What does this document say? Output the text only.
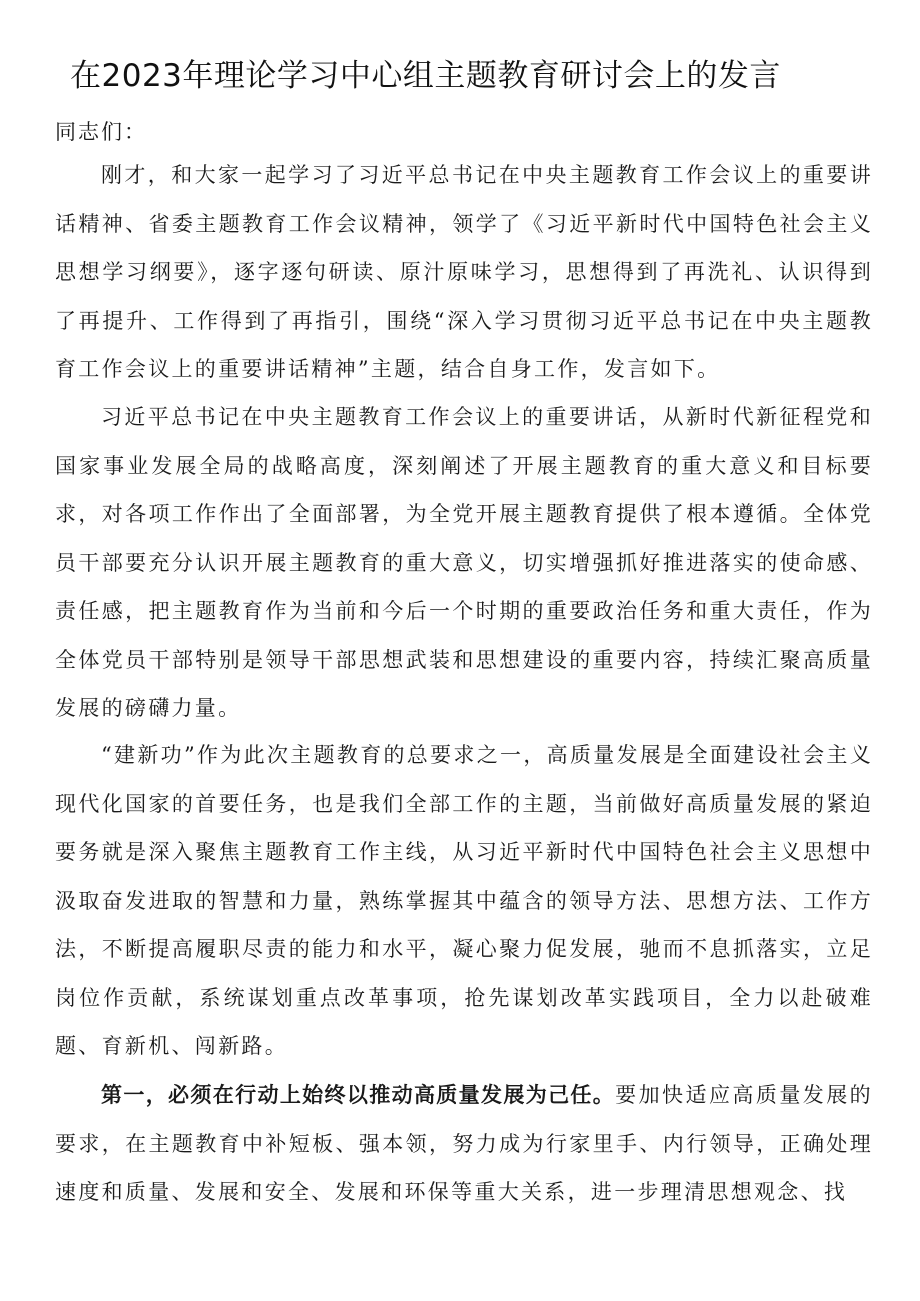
在2023年理论学习中心组主题教育研讨会上的发言

同志们：

刚才，和大家一起学习了习近平总书记在中央主题教育工作会议上的重要讲话精神、省委主题教育工作会议精神，领学了《习近平新时代中国特色社会主义思想学习纲要》，逐字逐句研读、原汁原味学习，思想得到了再洗礼、认识得到了再提升、工作得到了再指引，围绕“深入学习贯彻习近平总书记在中央主题教育工作会议上的重要讲话精神”主题，结合自身工作，发言如下。

习近平总书记在中央主题教育工作会议上的重要讲话，从新时代新征程党和国家事业发展全局的战略高度，深刻阐述了开展主题教育的重大意义和目标要求，对各项工作作出了全面部署，为全党开展主题教育提供了根本遵循。全体党员干部要充分认识开展主题教育的重大意义，切实增强抓好推进落实的使命感、责任感，把主题教育作为当前和今后一个时期的重要政治任务和重大责任，作为全体党员干部特别是领导干部思想武装和思想建设的重要内容，持续汇聚高质量发展的磅礴力量。

“建新功”作为此次主题教育的总要求之一，高质量发展是全面建设社会主义现代化国家的首要任务，也是我们全部工作的主题，当前做好高质量发展的紧迫要务就是深入聚焦主题教育工作主线，从习近平新时代中国特色社会主义思想中汲取奋发进取的智慧和力量，熟练掌握其中蕴含的领导方法、思想方法、工作方法，不断提高履职尽责的能力和水平，凝心聚力促发展，驰而不息抓落实，立足岗位作贡献，系统谋划重点改革事项，抢先谋划改革实践项目，全力以赴破难题、育新机、闯新路。

第一，必须在行动上始终以推动高质量发展为己任。要加快适应高质量发展的要求，在主题教育中补短板、强本领，努力成为行家里手、内行领导，正确处理速度和质量、发展和安全、发展和环保等重大关系，进一步理清思想观念、找
